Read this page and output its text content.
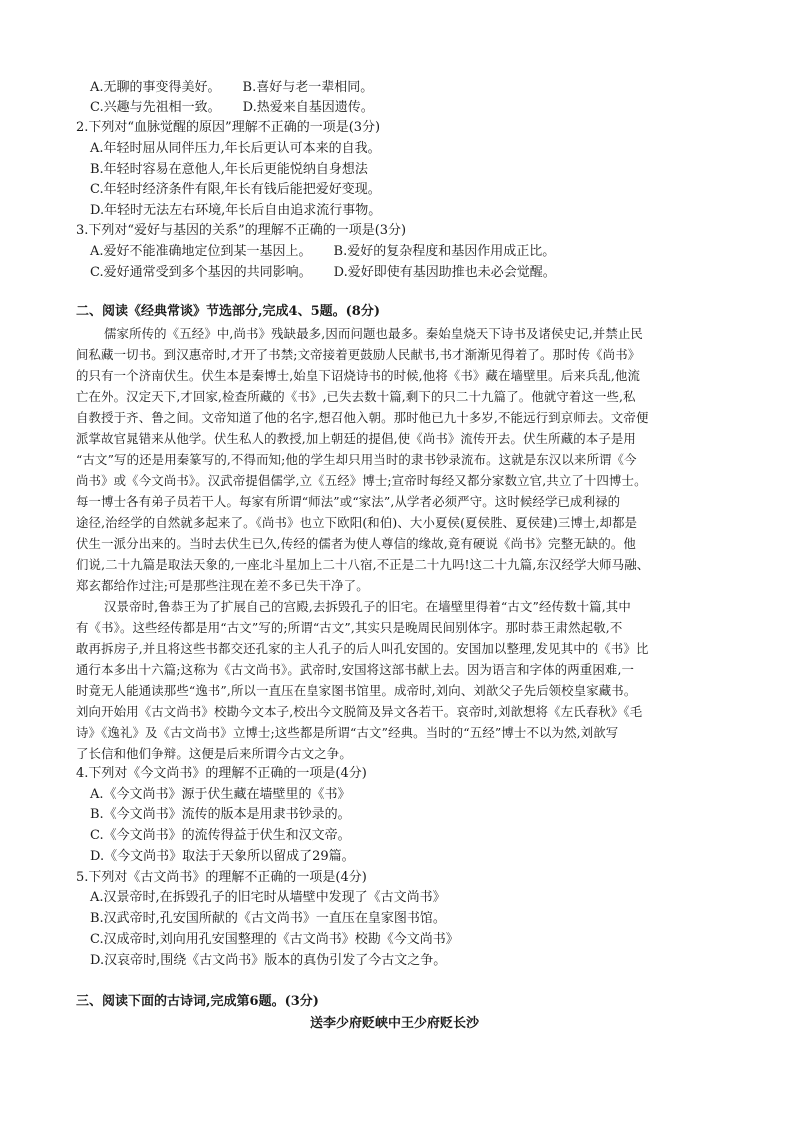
A.无聊的事变得美好。 B.喜好与老一辈相同。
C.兴趣与先祖相一致。 D.热爱来自基因遗传。
2.下列对“血脉觉醒的原因”理解不正确的一项是(3分)
A.年轻时屈从同伴压力,年长后更认可本来的自我。
B.年轻时容易在意他人,年长后更能悦纳自身想法
C.年轻时经济条件有限,年长有钱后能把爱好变现。
D.年轻时无法左右环境,年长后自由追求流行事物。
3.下列对“爱好与基因的关系”的理解不正确的一项是(3分)
A.爱好不能准确地定位到某一基因上。 B.爱好的复杂程度和基因作用成正比。
C.爱好通常受到多个基因的共同影响。 D.爱好即使有基因助推也未必会觉醒。
二、阅读《经典常谈》节选部分,完成4、5题。(8分)
儒家所传的《五经》中,尚书》残缺最多,因而问题也最多。秦始皇烧天下诗书及诸侯史记,并禁止民
间私藏一切书。到汉惠帝时,才开了书禁;文帝接着更鼓励人民献书,书才渐渐见得着了。那时传《尚书》
的只有一个济南伏生。伏生本是秦博士,始皇下诏烧诗书的时候,他将《书》藏在墙壁里。后来兵乱,他流
亡在外。汉定天下,才回家,检查所藏的《书》,已失去数十篇,剩下的只二十九篇了。他就守着这一些,私
自教授于齐、鲁之间。文帝知道了他的名字,想召他入朝。那时他已九十多岁,不能远行到京师去。文帝便
派掌故官晁错来从他学。伏生私人的教授,加上朝廷的提倡,使《尚书》流传开去。伏生所藏的本子是用
“古文”写的还是用秦篆写的,不得而知;他的学生却只用当时的隶书钞录流布。这就是东汉以来所谓《今
尚书》或《今文尚书》。汉武帝提倡儒学,立《五经》博士;宣帝时每经又都分家数立官,共立了十四博士。
每一博士各有弟子员若干人。每家有所谓“师法”或“家法”,从学者必须严守。这时候经学已成利禄的
途径,治经学的自然就多起来了。《尚书》也立下欧阳(和伯)、大小夏侯(夏侯胜、夏侯建)三博士,却都是
伏生一派分出来的。当时去伏生已久,传经的儒者为使人尊信的缘故,竟有硬说《尚书》完整无缺的。他
们说,二十九篇是取法天象的,一座北斗星加上二十八宿,不正是二十九吗!这二十九篇,东汉经学大师马融、
郑玄都给作过注;可是那些注现在差不多已失干净了。
汉景帝时,鲁恭王为了扩展自己的宫殿,去拆毁孔子的旧宅。在墙壁里得着“古文”经传数十篇,其中
有《书》。这些经传都是用“古文”写的;所谓“古文”,其实只是晚周民间别体字。那时恭王肃然起敬,不
敢再拆房子,并且将这些书都交还孔家的主人孔子的后人叫孔安国的。安国加以整理,发见其中的《书》比
通行本多出十六篇;这称为《古文尚书》。武帝时,安国将这部书献上去。因为语言和字体的两重困难,一
时竟无人能通读那些“逸书”,所以一直压在皇家图书馆里。成帝时,刘向、刘歆父子先后领校皇家藏书。
刘向开始用《古文尚书》校勘今文本子,校出今文脱简及异文各若干。哀帝时,刘歆想将《左氏春秋》《毛
诗》《逸礼》及《古文尚书》立博士;这些都是所谓“古文”经典。当时的“五经”博士不以为然,刘歆写
了长信和他们争辩。这便是后来所谓今古文之争。
4.下列对《今文尚书》的理解不正确的一项是(4分)
A.《今文尚书》源于伏生藏在墙壁里的《书》
B.《今文尚书》流传的版本是用隶书钞录的。
C.《今文尚书》的流传得益于伏生和汉文帝。
D.《今文尚书》取法于天象所以留成了29篇。
5.下列对《古文尚书》的理解不正确的一项是(4分)
A.汉景帝时,在拆毁孔子的旧宅时从墙壁中发现了《古文尚书》
B.汉武帝时,孔安国所献的《古文尚书》一直压在皇家图书馆。
C.汉成帝时,刘向用孔安国整理的《古文尚书》校勘《今文尚书》
D.汉哀帝时,围绕《古文尚书》版本的真伪引发了今古文之争。
三、阅读下面的古诗词,完成第6题。(3分)
送李少府贬峡中王少府贬长沙
